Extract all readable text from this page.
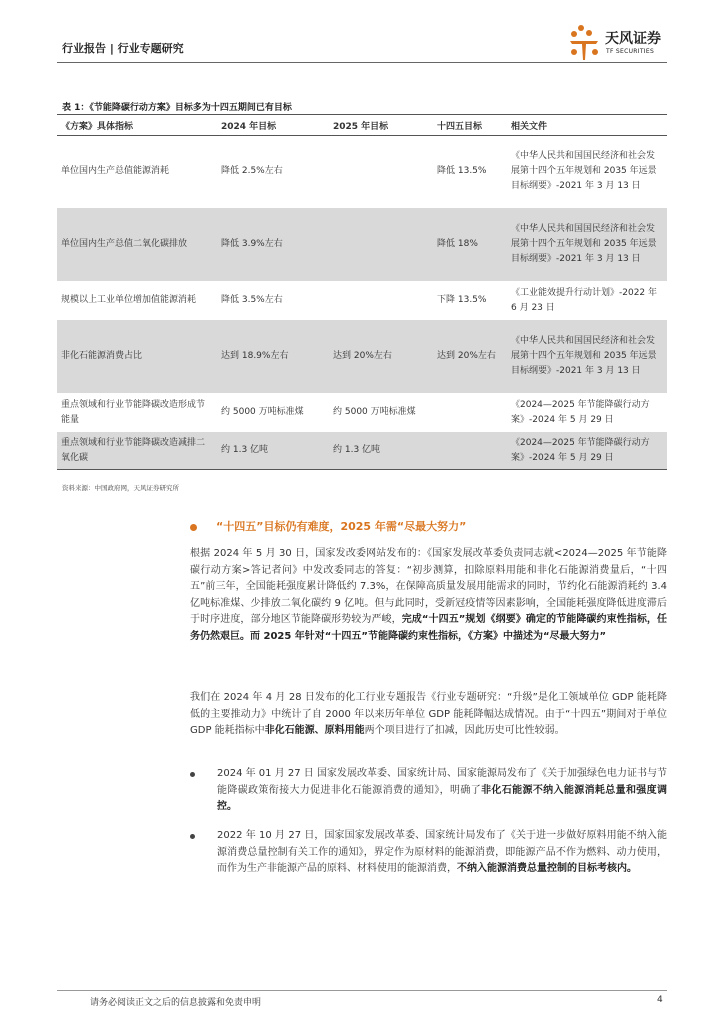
行业报告 | 行业专题研究
天风证券
TF SECURITIES
表 1：《节能降碳行动方案》目标多为十四五期间已有目标
《方案》具体指标	2024 年目标	2025 年目标	十四五目标	相关文件
单位国内生产总值能源消耗	降低 2.5%左右		降低 13.5%	《中华人民共和国国民经济和社会发展第十四个五年规划和 2035 年远景目标纲要》-2021 年 3 月 13 日
单位国内生产总值二氧化碳排放	降低 3.9%左右		降低 18%	《中华人民共和国国民经济和社会发展第十四个五年规划和 2035 年远景目标纲要》-2021 年 3 月 13 日
规模以上工业单位增加值能源消耗	降低 3.5%左右		下降 13.5%	《工业能效提升行动计划》-2022 年 6 月 23 日
非化石能源消费占比	达到 18.9%左右	达到 20%左右	达到 20%左右	《中华人民共和国国民经济和社会发展第十四个五年规划和 2035 年远景目标纲要》-2021 年 3 月 13 日
重点领域和行业节能降碳改造形成节能量	约 5000 万吨标准煤	约 5000 万吨标准煤		《2024—2025 年节能降碳行动方案》-2024 年 5 月 29 日
重点领域和行业节能降碳改造减排二氧化碳	约 1.3 亿吨	约 1.3 亿吨		《2024—2025 年节能降碳行动方案》-2024 年 5 月 29 日
资料来源：中国政府网，天风证券研究所
“十四五”目标仍有难度，2025 年需“尽最大努力”

根据 2024 年 5 月 30 日，国家发改委网站发布的：《国家发展改革委负责同志就<2024—2025 年节能降碳行动方案>答记者问》中发改委同志的答复：“初步测算，扣除原料用能和非化石能源消费量后，“十四五”前三年，全国能耗强度累计降低约 7.3%，在保障高质量发展用能需求的同时，节约化石能源消耗约 3.4 亿吨标准煤、少排放二氧化碳约 9 亿吨。但与此同时，受新冠疫情等因素影响，全国能耗强度降低进度滞后于时序进度，部分地区节能降碳形势较为严峻，完成“十四五”规划《纲要》确定的节能降碳约束性指标，任务仍然艰巨。而 2025 年针对“十四五”节能降碳约束性指标，《方案》中描述为“尽最大努力”

我们在 2024 年 4 月 28 日发布的化工行业专题报告《行业专题研究：“升级”是化工领域单位 GDP 能耗降低的主要推动力》中统计了自 2000 年以来历年单位 GDP 能耗降幅达成情况。由于“十四五”期间对于单位 GDP 能耗指标中非化石能源、原料用能两个项目进行了扣减，因此历史可比性较弱。

2024 年 01 月 27 日 国家发展改革委、国家统计局、国家能源局发布了《关于加强绿色电力证书与节能降碳政策衔接大力促进非化石能源消费的通知》，明确了非化石能源不纳入能源消耗总量和强度调控。

2022 年 10 月 27 日，国家国家发展改革委、国家统计局发布了《关于进一步做好原料用能不纳入能源消费总量控制有关工作的通知》，界定作为原材料的能源消费，即能源产品不作为燃料、动力使用，而作为生产非能源产品的原料、材料使用的能源消费，不纳入能源消费总量控制的目标考核内。

请务必阅读正文之后的信息披露和免责申明	4
